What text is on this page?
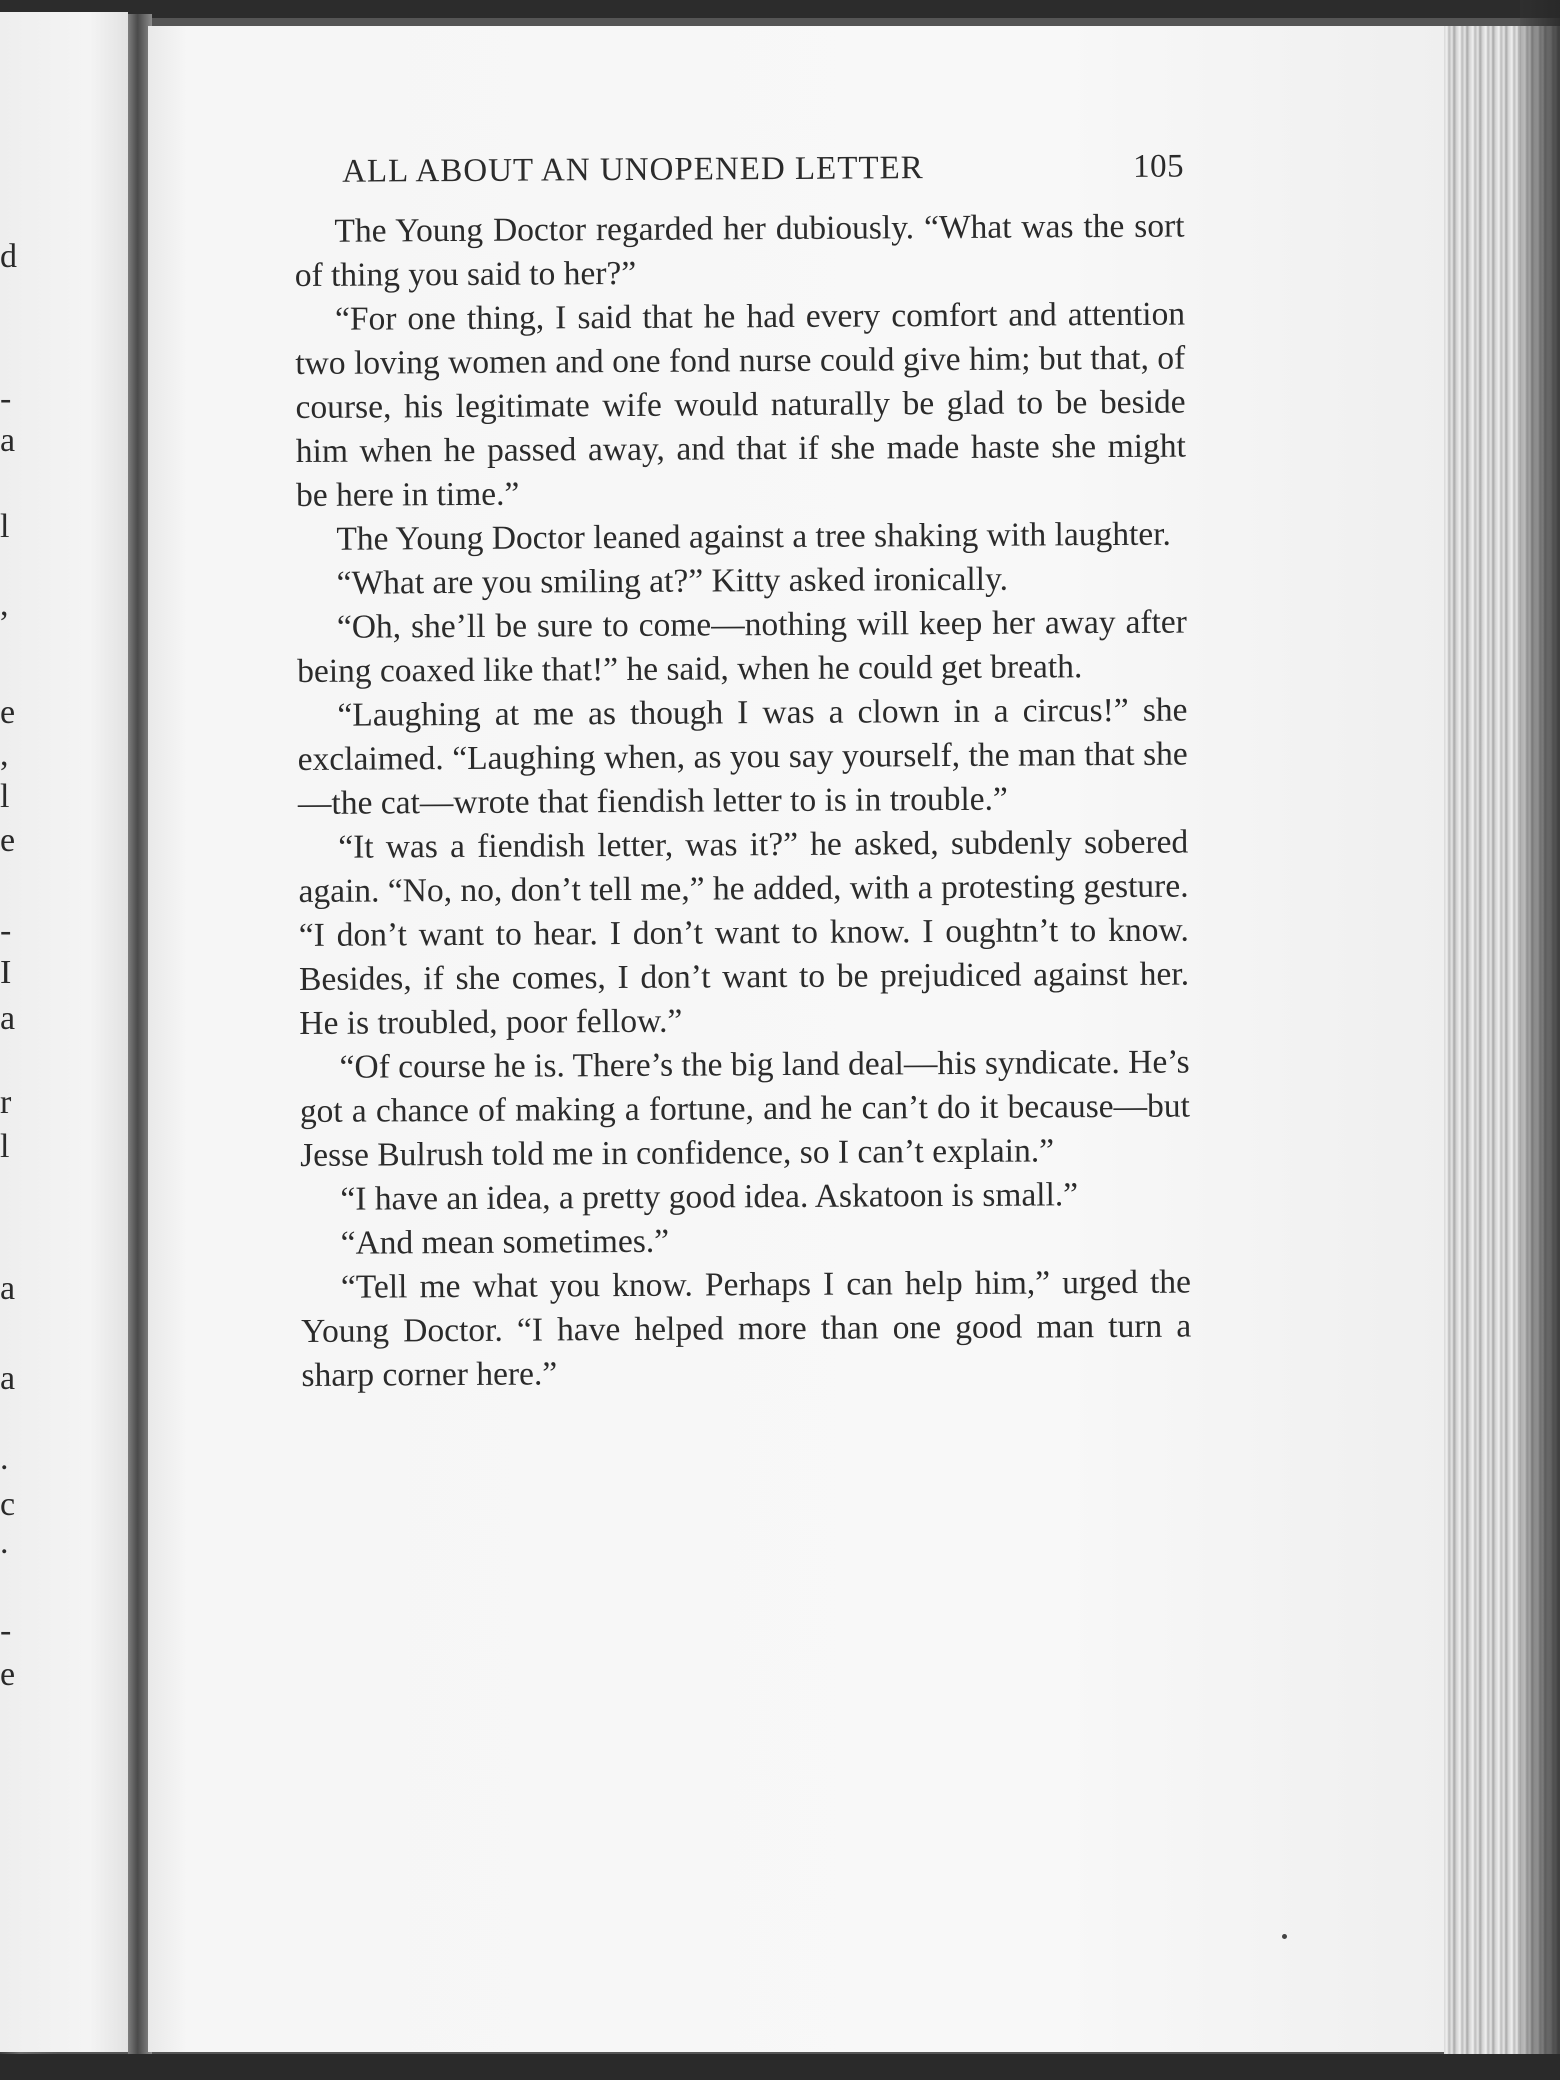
d
-
a
l
,
e
,
l
e
-
I
a
r
l
a
a
.
c
.
-
e
ALL ABOUT AN UNOPENED LETTER	105

The Young Doctor regarded her dubiously. “What was the sort of thing you said to her?”

“For one thing, I said that he had every comfort and attention two loving women and one fond nurse could give him; but that, of course, his legitimate wife would naturally be glad to be beside him when he passed away, and that if she made haste she might be here in time.”

The Young Doctor leaned against a tree shaking with laughter.

“What are you smiling at?” Kitty asked ironically.

“Oh, she’ll be sure to come—nothing will keep her away after being coaxed like that!” he said, when he could get breath.

“Laughing at me as though I was a clown in a circus!” she exclaimed. “Laughing when, as you say yourself, the man that she—the cat—wrote that fiendish letter to is in trouble.”

“It was a fiendish letter, was it?” he asked, subdenly sobered again. “No, no, don’t tell me,” he added, with a protesting gesture. “I don’t want to hear. I don’t want to know. I oughtn’t to know. Besides, if she comes, I don’t want to be prejudiced against her. He is troubled, poor fellow.”

“Of course he is. There’s the big land deal—his syndicate. He’s got a chance of making a fortune, and he can’t do it because—but Jesse Bulrush told me in confidence, so I can’t explain.”

“I have an idea, a pretty good idea. Askatoon is small.”

“And mean sometimes.”

“Tell me what you know. Perhaps I can help him,” urged the Young Doctor. “I have helped more than one good man turn a sharp corner here.”
